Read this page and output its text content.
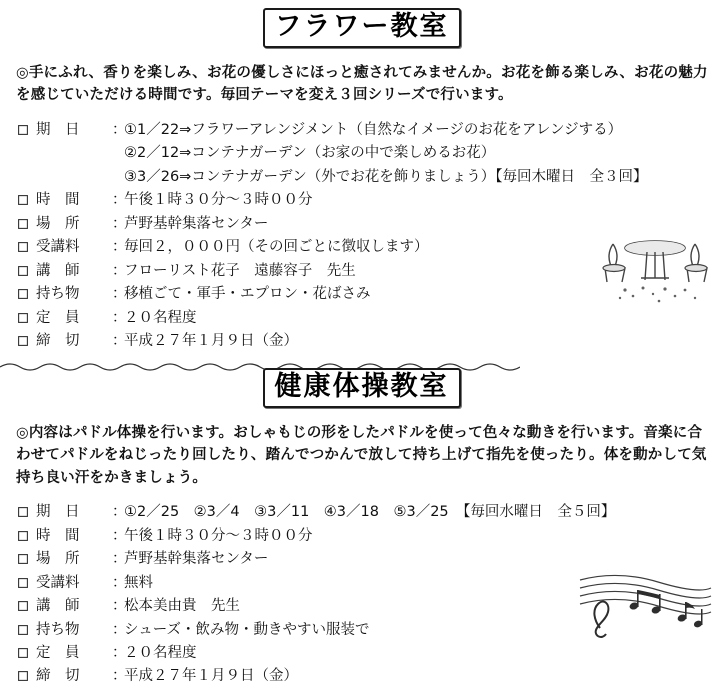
フラワー教室

◎手にふれ、香りを楽しみ、お花の優しさにほっと癒されてみませんか。お花を飾る楽しみ、お花の魅力を感じていただける時間です。毎回テーマを変え３回シリーズで行います。

期　日	：
①1／22⇒フラワーアレンジメント（自然なイメージのお花をアレンジする）
②2／12⇒コンテナガーデン（お家の中で楽しめるお花）
③3／26⇒コンテナガーデン（外でお花を飾りましょう）【毎回木曜日　全３回】
時　間	：
午後１時３０分～３時００分
場　所	：
芦野基幹集落センター
受講料	：
毎回２，０００円（その回ごとに徴収します）
講　師	：
フローリスト花子　遠藤容子　先生
持ち物	：
移植ごて・軍手・エプロン・花ばさみ
定　員	：
２０名程度
締　切	：
平成２７年１月９日（金）
健康体操教室

◎内容はパドル体操を行います。おしゃもじの形をしたパドルを使って色々な動きを行います。音楽に合わせてパドルをねじったり回したり、踏んでつかんで放して持ち上げて指先を使ったり。体を動かして気持ち良い汗をかきましょう。

期　日	：
①2／25　②3／4　③3／11　④3／18　⑤3／25　【毎回水曜日　全５回】
時　間	：
午後１時３０分～３時００分
場　所	：
芦野基幹集落センター
受講料	：
無料
講　師	：
松本美由貴　先生
持ち物	：
シューズ・飲み物・動きやすい服装で
定　員	：
２０名程度
締　切	：
平成２７年１月９日（金）
